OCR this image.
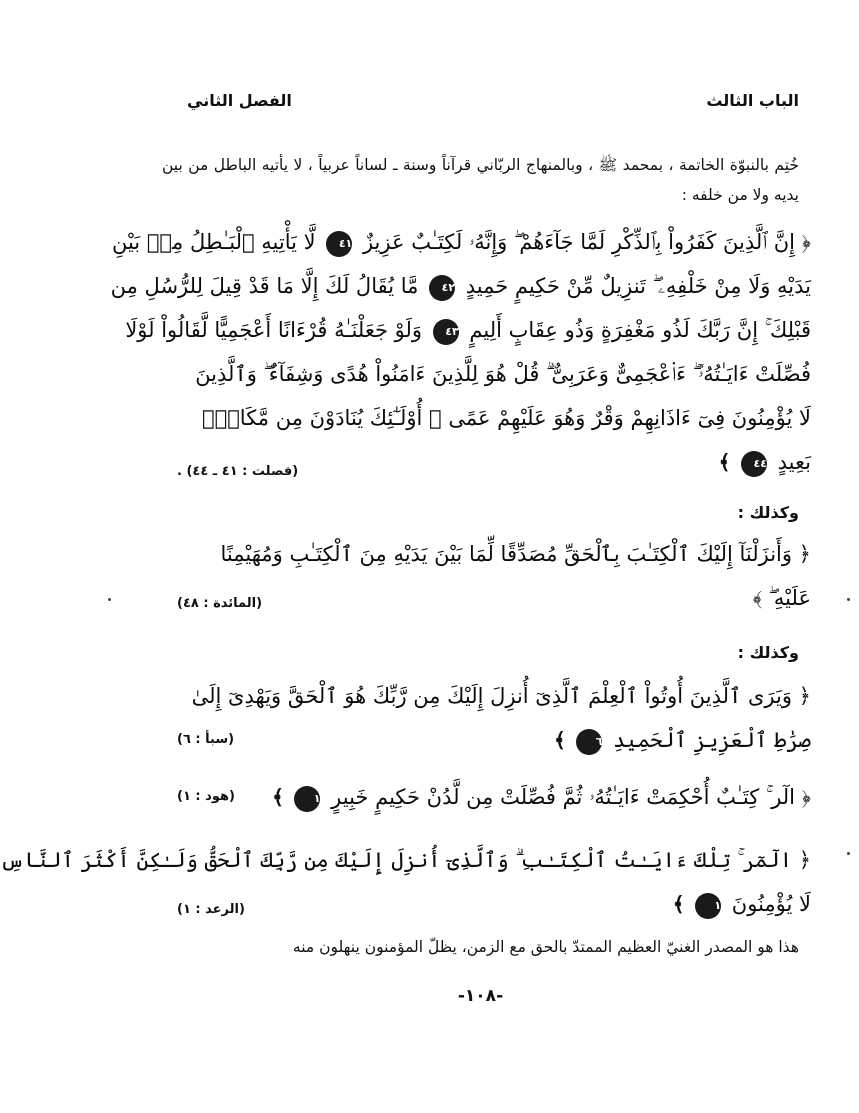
الباب الثالث
الفصل الثاني
خُتِم بالنبوّة الخاتمة ، بمحمد ﷺ ، وبالمنهاج الربّاني قرآناً وسنة ـ لساناً عربياً ، لا يأتيه الباطل من بين يديه ولا من خلفه :
﴿ إِنَّ ٱلَّذِينَ كَفَرُواْ بِٱلذِّكْرِ لَمَّا جَآءَهُمْ ۖ وَإِنَّهُۥ لَكِتَـٰبٌ عَزِيزٌ ٤١ لَّا يَأْتِيهِ ٱلْبَـٰطِلُ مِنۢ بَيْنِ
يَدَيْهِ وَلَا مِنْ خَلْفِهِۦ ۖ تَنزِيلٌ مِّنْ حَكِيمٍ حَمِيدٍ ٤٢ مَّا يُقَالُ لَكَ إِلَّا مَا قَدْ قِيلَ لِلرُّسُلِ مِن
قَبْلِكَ ۚ إِنَّ رَبَّكَ لَذُو مَغْفِرَةٍ وَذُو عِقَابٍ أَلِيمٍ ٤٣ وَلَوْ جَعَلْنَـٰهُ قُرْءَانًا أَعْجَمِيًّا لَّقَالُواْ لَوْلَا
فُصِّلَتْ ءَايَـٰتُهُۥٓ ۖ ءَا۬عْجَمِىٌّ وَعَرَبِىٌّ ۗ قُلْ هُوَ لِلَّذِينَ ءَامَنُواْ هُدًى وَشِفَآءٌ ۖ وَٱلَّذِينَ
لَا يُؤْمِنُونَ فِىٓ ءَاذَانِهِمْ وَقْرٌ وَهُوَ عَلَيْهِمْ عَمًى ۚ أُوْلَـٰٓئِكَ يُنَادَوْنَ مِن مَّكَانٍۭ
بَعِيدٍ ٤٤ ﴾
(فصلت : ٤١ ـ ٤٤) .
وكذلك :
﴿ وَأَنزَلْنَآ إِلَيْكَ ٱلْكِتَـٰبَ بِٱلْحَقِّ مُصَدِّقًا لِّمَا بَيْنَ يَدَيْهِ مِنَ ٱلْكِتَـٰبِ وَمُهَيْمِنًا
عَلَيْهِ ۖ ﴾
(المائدة : ٤٨)
وكذلك :
﴿ وَيَرَى ٱلَّذِينَ أُوتُواْ ٱلْعِلْمَ ٱلَّذِىٓ أُنزِلَ إِلَيْكَ مِن رَّبِّكَ هُوَ ٱلْحَقَّ وَيَهْدِىٓ إِلَىٰ
صِرَٰطِ ٱلْعَزِيزِ ٱلْحَمِيدِ ٦ ﴾
(سبأ : ٦)
﴿ الٓر ۚ كِتَـٰبٌ أُحْكِمَتْ ءَايَـٰتُهُۥ ثُمَّ فُصِّلَتْ مِن لَّدُنْ حَكِيمٍ خَبِيرٍ ١ ﴾
(هود : ١)
﴿ الٓمٓر ۚ تِلْكَ ءَايَـٰتُ ٱلْكِتَـٰبِ ۗ وَٱلَّذِىٓ أُنزِلَ إِلَيْكَ مِن رَّبِّكَ ٱلْحَقُّ وَلَـٰكِنَّ أَكْثَرَ ٱلنَّاسِ
لَا يُؤْمِنُونَ ١ ﴾
(الرعد : ١)
هذا هو المصدر الغنيّ العظيم الممتدّ بالحق مع الزمن، يظلّ المؤمنون ينهلون منه
-١٠٨-
